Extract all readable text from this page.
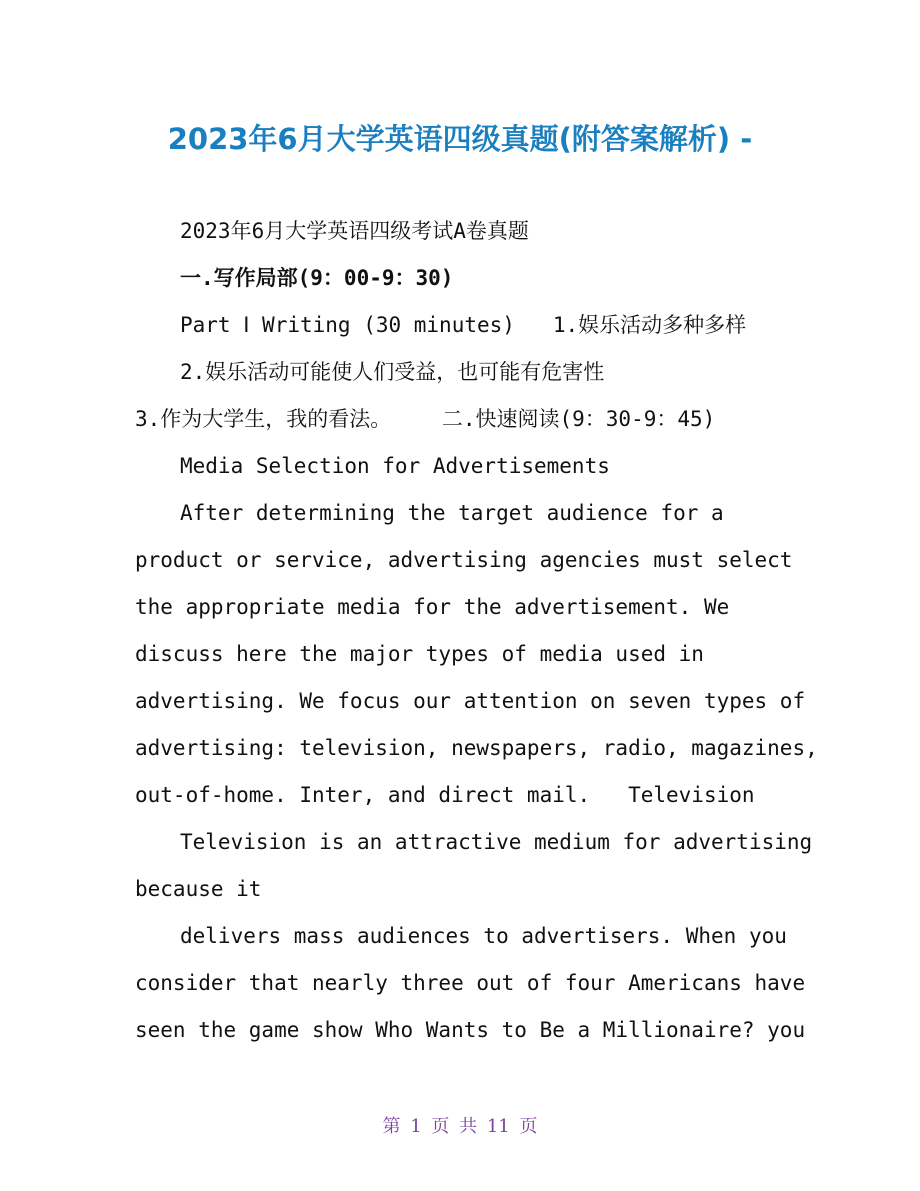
2023年6月大学英语四级真题(附答案解析) -
2023年6月大学英语四级考试A卷真题
一.写作局部(9：00-9：30)
Part Ⅰ Writing (30 minutes)   1.娱乐活动多种多样
2.娱乐活动可能使人们受益，也可能有危害性
3.作为大学生，我的看法。    二.快速阅读(9：30-9：45)
Media Selection for Advertisements
After determining the target audience for a
product or service, advertising agencies must select
the appropriate media for the advertisement. We
discuss here the major types of media used in
advertising. We focus our attention on seven types of
advertising: television, newspapers, radio, magazines,
out-of-home. Inter, and direct mail.   Television
Television is an attractive medium for advertising
because it
delivers mass audiences to advertisers. When you
consider that nearly three out of four Americans have
seen the game show Who Wants to Be a Millionaire? you
第 1 页 共 11 页
